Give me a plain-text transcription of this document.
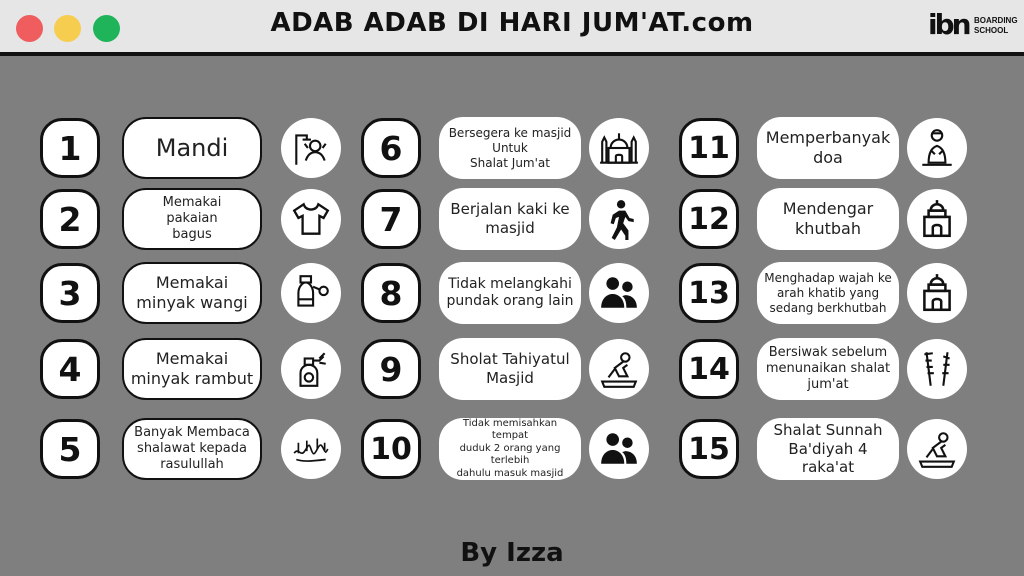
ADAB ADAB DI HARI JUM'AT.com	ibn BOARDING
SCHOOL
1	Mandi
2	Memakai
pakaian
bagus
3	Memakai
minyak wangi
4	Memakai
minyak rambut
5	Banyak Membaca
shalawat kepada
rasulullah
6	Bersegera ke masjid
Untuk
Shalat Jum'at
7	Berjalan kaki ke
masjid
8	Tidak melangkahi
pundak orang lain
9	Sholat Tahiyatul
Masjid
10
Tidak memisahkan tempat
duduk 2 orang yang terlebih
dahulu masuk masjid
11	Memperbanyak
doa
12	Mendengar
khutbah
13	Menghadap wajah ke
arah khatib yang
sedang berkhutbah
14	Bersiwak sebelum
menunaikan shalat
jum'at
15
Shalat Sunnah
Ba'diyah 4 raka'at
By Izza
